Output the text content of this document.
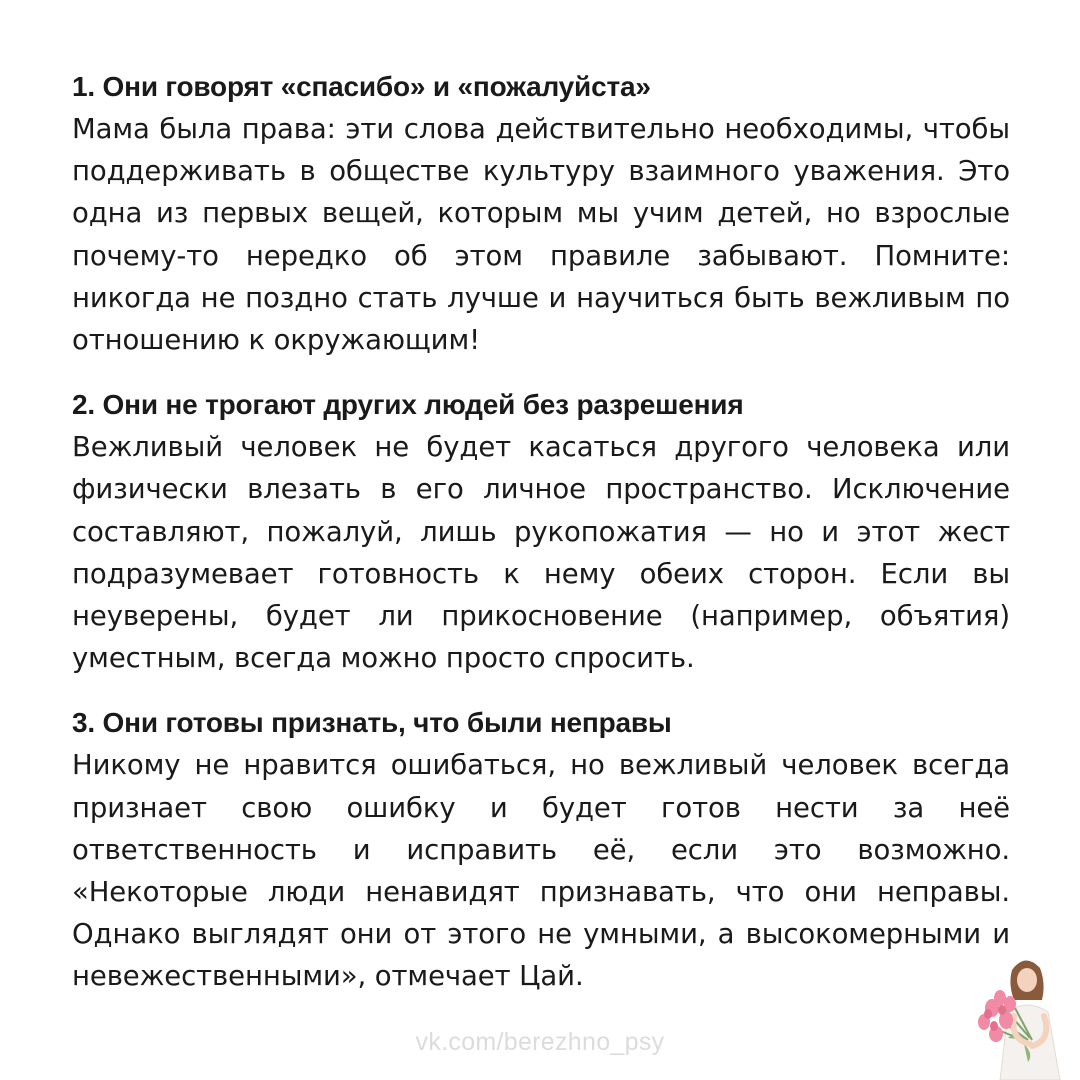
1. Они говорят «спасибо» и «пожалуйста»

Мама была права: эти слова действительно необходимы, чтобы поддерживать в обществе культуру взаимного уважения. Это одна из первых вещей, которым мы учим детей, но взрослые почему-то нередко об этом правиле забывают. Помните: никогда не поздно стать лучше и научиться быть вежливым по отношению к окружающим!

2. Они не трогают других людей без разрешения

Вежливый человек не будет касаться другого человека или физически влезать в его личное пространство. Исключение составляют, пожалуй, лишь рукопожатия — но и этот жест подразумевает готовность к нему обеих сторон. Если вы неуверены, будет ли прикосновение (например, объятия) уместным, всегда можно просто спросить.

3. Они готовы признать, что были неправы

Никому не нравится ошибаться, но вежливый человек всегда признает свою ошибку и будет готов нести за неё ответственность и исправить её, если это возможно. «Некоторые люди ненавидят признавать, что они неправы. Однако выглядят они от этого не умными, а высокомерными и невежественными», отмечает Цай.

vk.com/berezhno_psy
